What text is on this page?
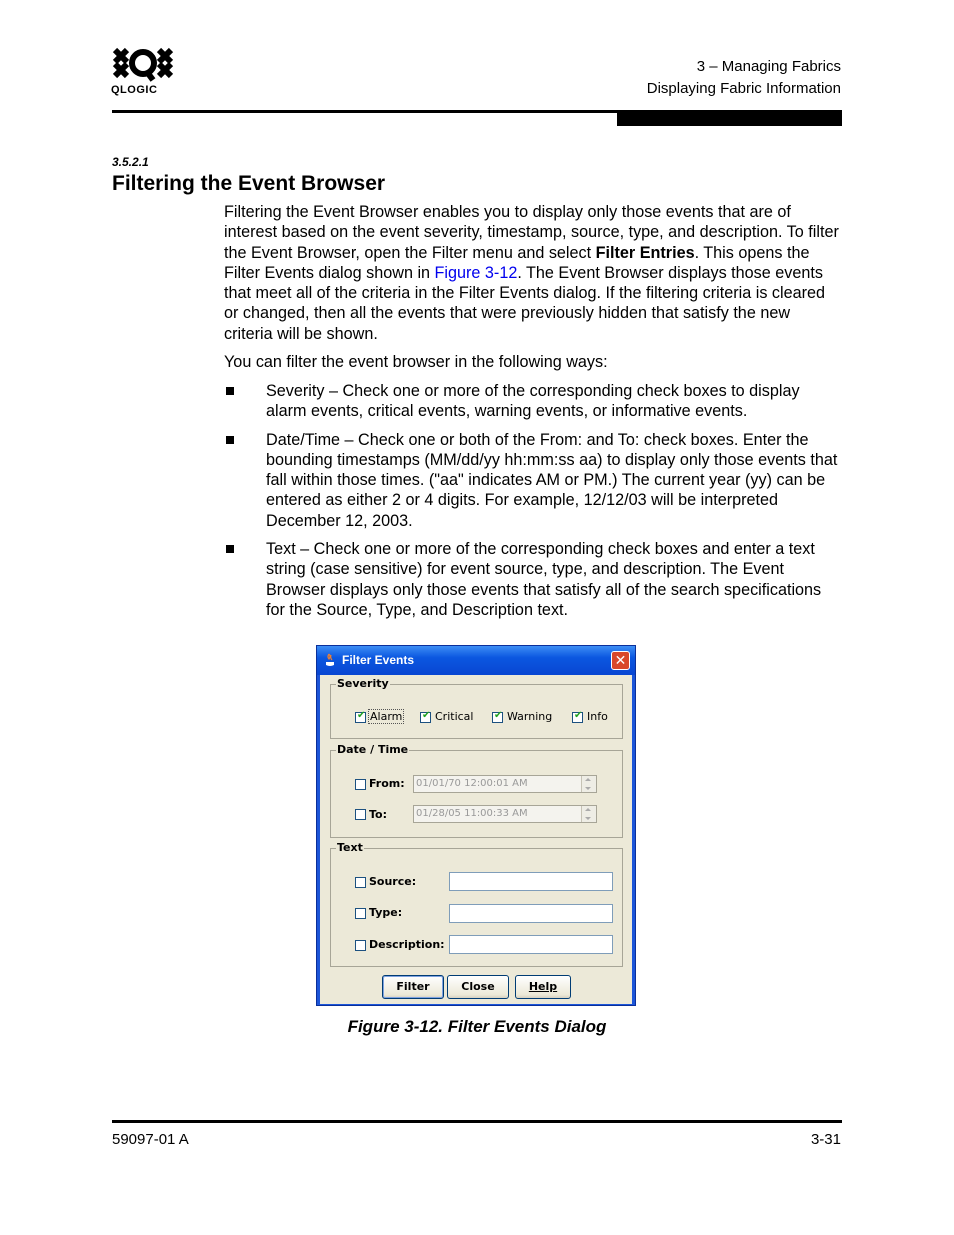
QLOGIC
3 – Managing Fabrics
Displaying Fabric Information
3.5.2.1
Filtering the Event Browser
Filtering the Event Browser enables you to display only those events that are of interest based on the event severity, timestamp, source, type, and description. To filter the Event Browser, open the Filter menu and select Filter Entries. This opens the Filter Events dialog shown in Figure 3-12. The Event Browser displays those events that meet all of the criteria in the Filter Events dialog. If the filtering criteria is cleared or changed, then all the events that were previously hidden that satisfy the new criteria will be shown.
You can filter the event browser in the following ways:
Severity – Check one or more of the corresponding check boxes to display alarm events, critical events, warning events, or informative events.
Date/Time – Check one or both of the From: and To: check boxes. Enter the bounding timestamps (MM/dd/yy hh:mm:ss aa) to display only those events that fall within those times. ("aa" indicates AM or PM.) The current year (yy) can be entered as either 2 or 4 digits. For example, 12/12/03 will be interpreted December 12, 2003.
Text – Check one or more of the corresponding check boxes and enter a text string (case sensitive) for event source, type, and description. The Event Browser displays only those events that satisfy all of the search specifications for the Source, Type, and Description text.
Filter Events	✕
Severity
✔ Alarm ✔ Critical ✔ Warning ✔ Info
Date / Time
From:	01/01/70 12:00:01 AM
To:	01/28/05 11:00:33 AM
Text
Source:
Type:
Description:
Filter	Close	Help
Figure 3-12. Filter Events Dialog
59097-01 A	3-31
